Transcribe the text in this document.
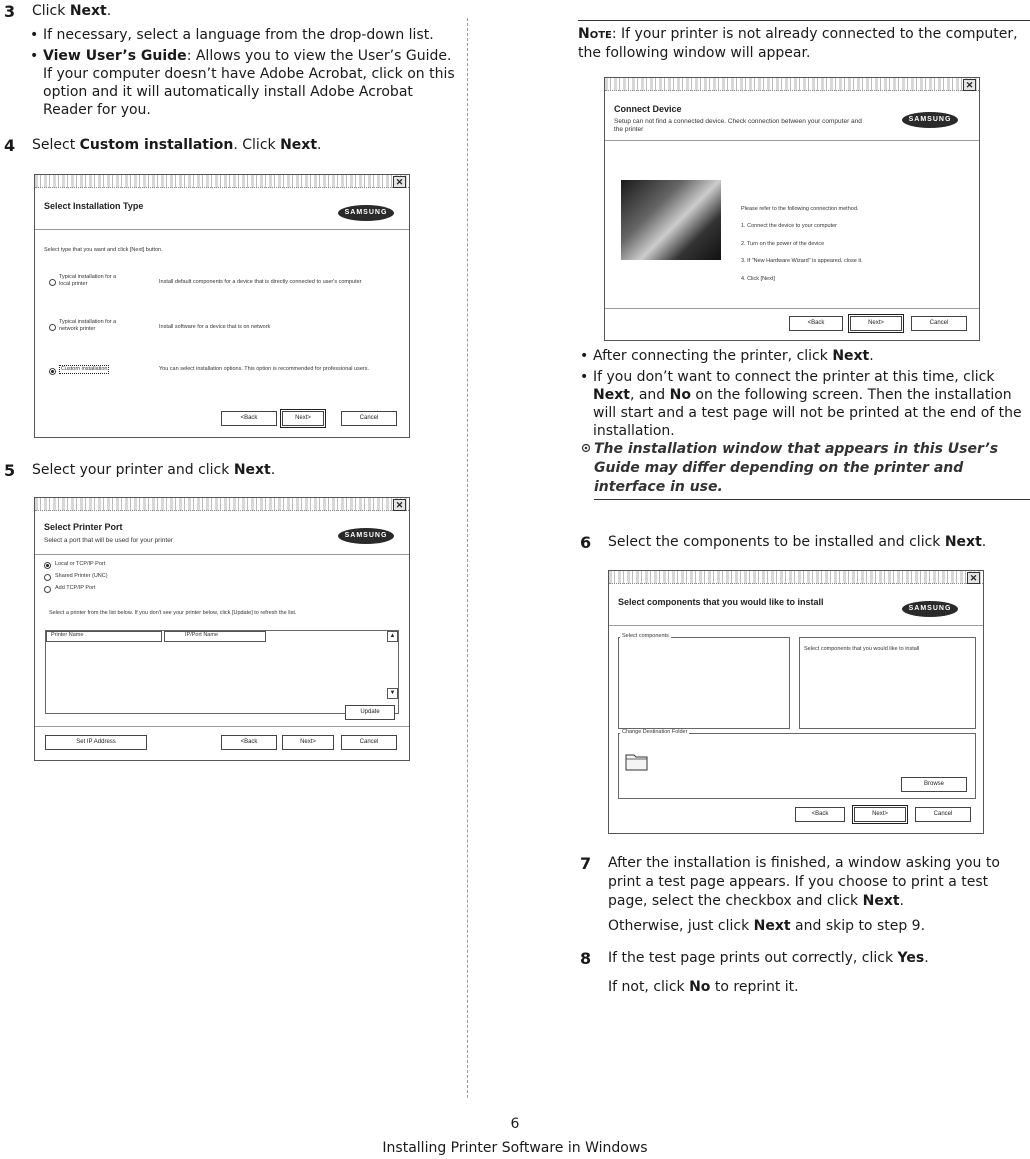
3 Click Next.
• If necessary, select a language from the drop-down list.
• View User’s Guide: Allows you to view the User’s Guide. If your computer doesn’t have Adobe Acrobat, click on this option and it will automatically install Adobe Acrobat Reader for you.
4 Select Custom installation. Click Next.
✕
Select Installation Type
SAMSUNG
Select type that you want and click [Next] button.
Typical installation for a local printer	Install default components for a device that is directly connected to user's computer
Typical installation for a network printer	Install software for a device that is on network
Custom installation	You can select installation options. This option is recommended for professional users.
<Back	Next>	Cancel
5 Select your printer and click Next.
✕
Select Printer Port
Select a port that will be used for your printer
SAMSUNG
Local or TCP/IP Port
Shared Printer (UNC)
Add TCP/IP Port
Select a printer from the list below. If you don't see your printer below, click [Update] to refresh the list.
Printer Name	IP/Port Name	▲
▼
Update
Set IP Address	<Back	Next>	Cancel
Note: If your printer is not already connected to the computer, the following window will appear.
✕
Connect Device
Setup can not find a connected device. Check connection between your computer and
the printer
SAMSUNG
Please refer to the following connection method.
1. Connect the device to your computer
2. Turn on the power of the device
3. If "New Hardware Wizard" is appeared, close it.
4. Click [Next]
<Back	Next>	Cancel
• After connecting the printer, click Next.
• If you don’t want to connect the printer at this time, click Next, and No on the following screen. Then the installation will start and a test page will not be printed at the end of the installation.
The installation window that appears in this User’s Guide may differ depending on the printer and interface in use.
6 Select the components to be installed and click Next.
✕
Select components that you would like to install
SAMSUNG
Select components
Select components that you would like to install
Change Destination Folder
Browse
<Back	Next>	Cancel
7 After the installation is finished, a window asking you to
print a test page appears. If you choose to print a test
page, select the checkbox and click Next.
Otherwise, just click Next and skip to step 9.
8 If the test page prints out correctly, click Yes.
If not, click No to reprint it.
6
Installing Printer Software in Windows
